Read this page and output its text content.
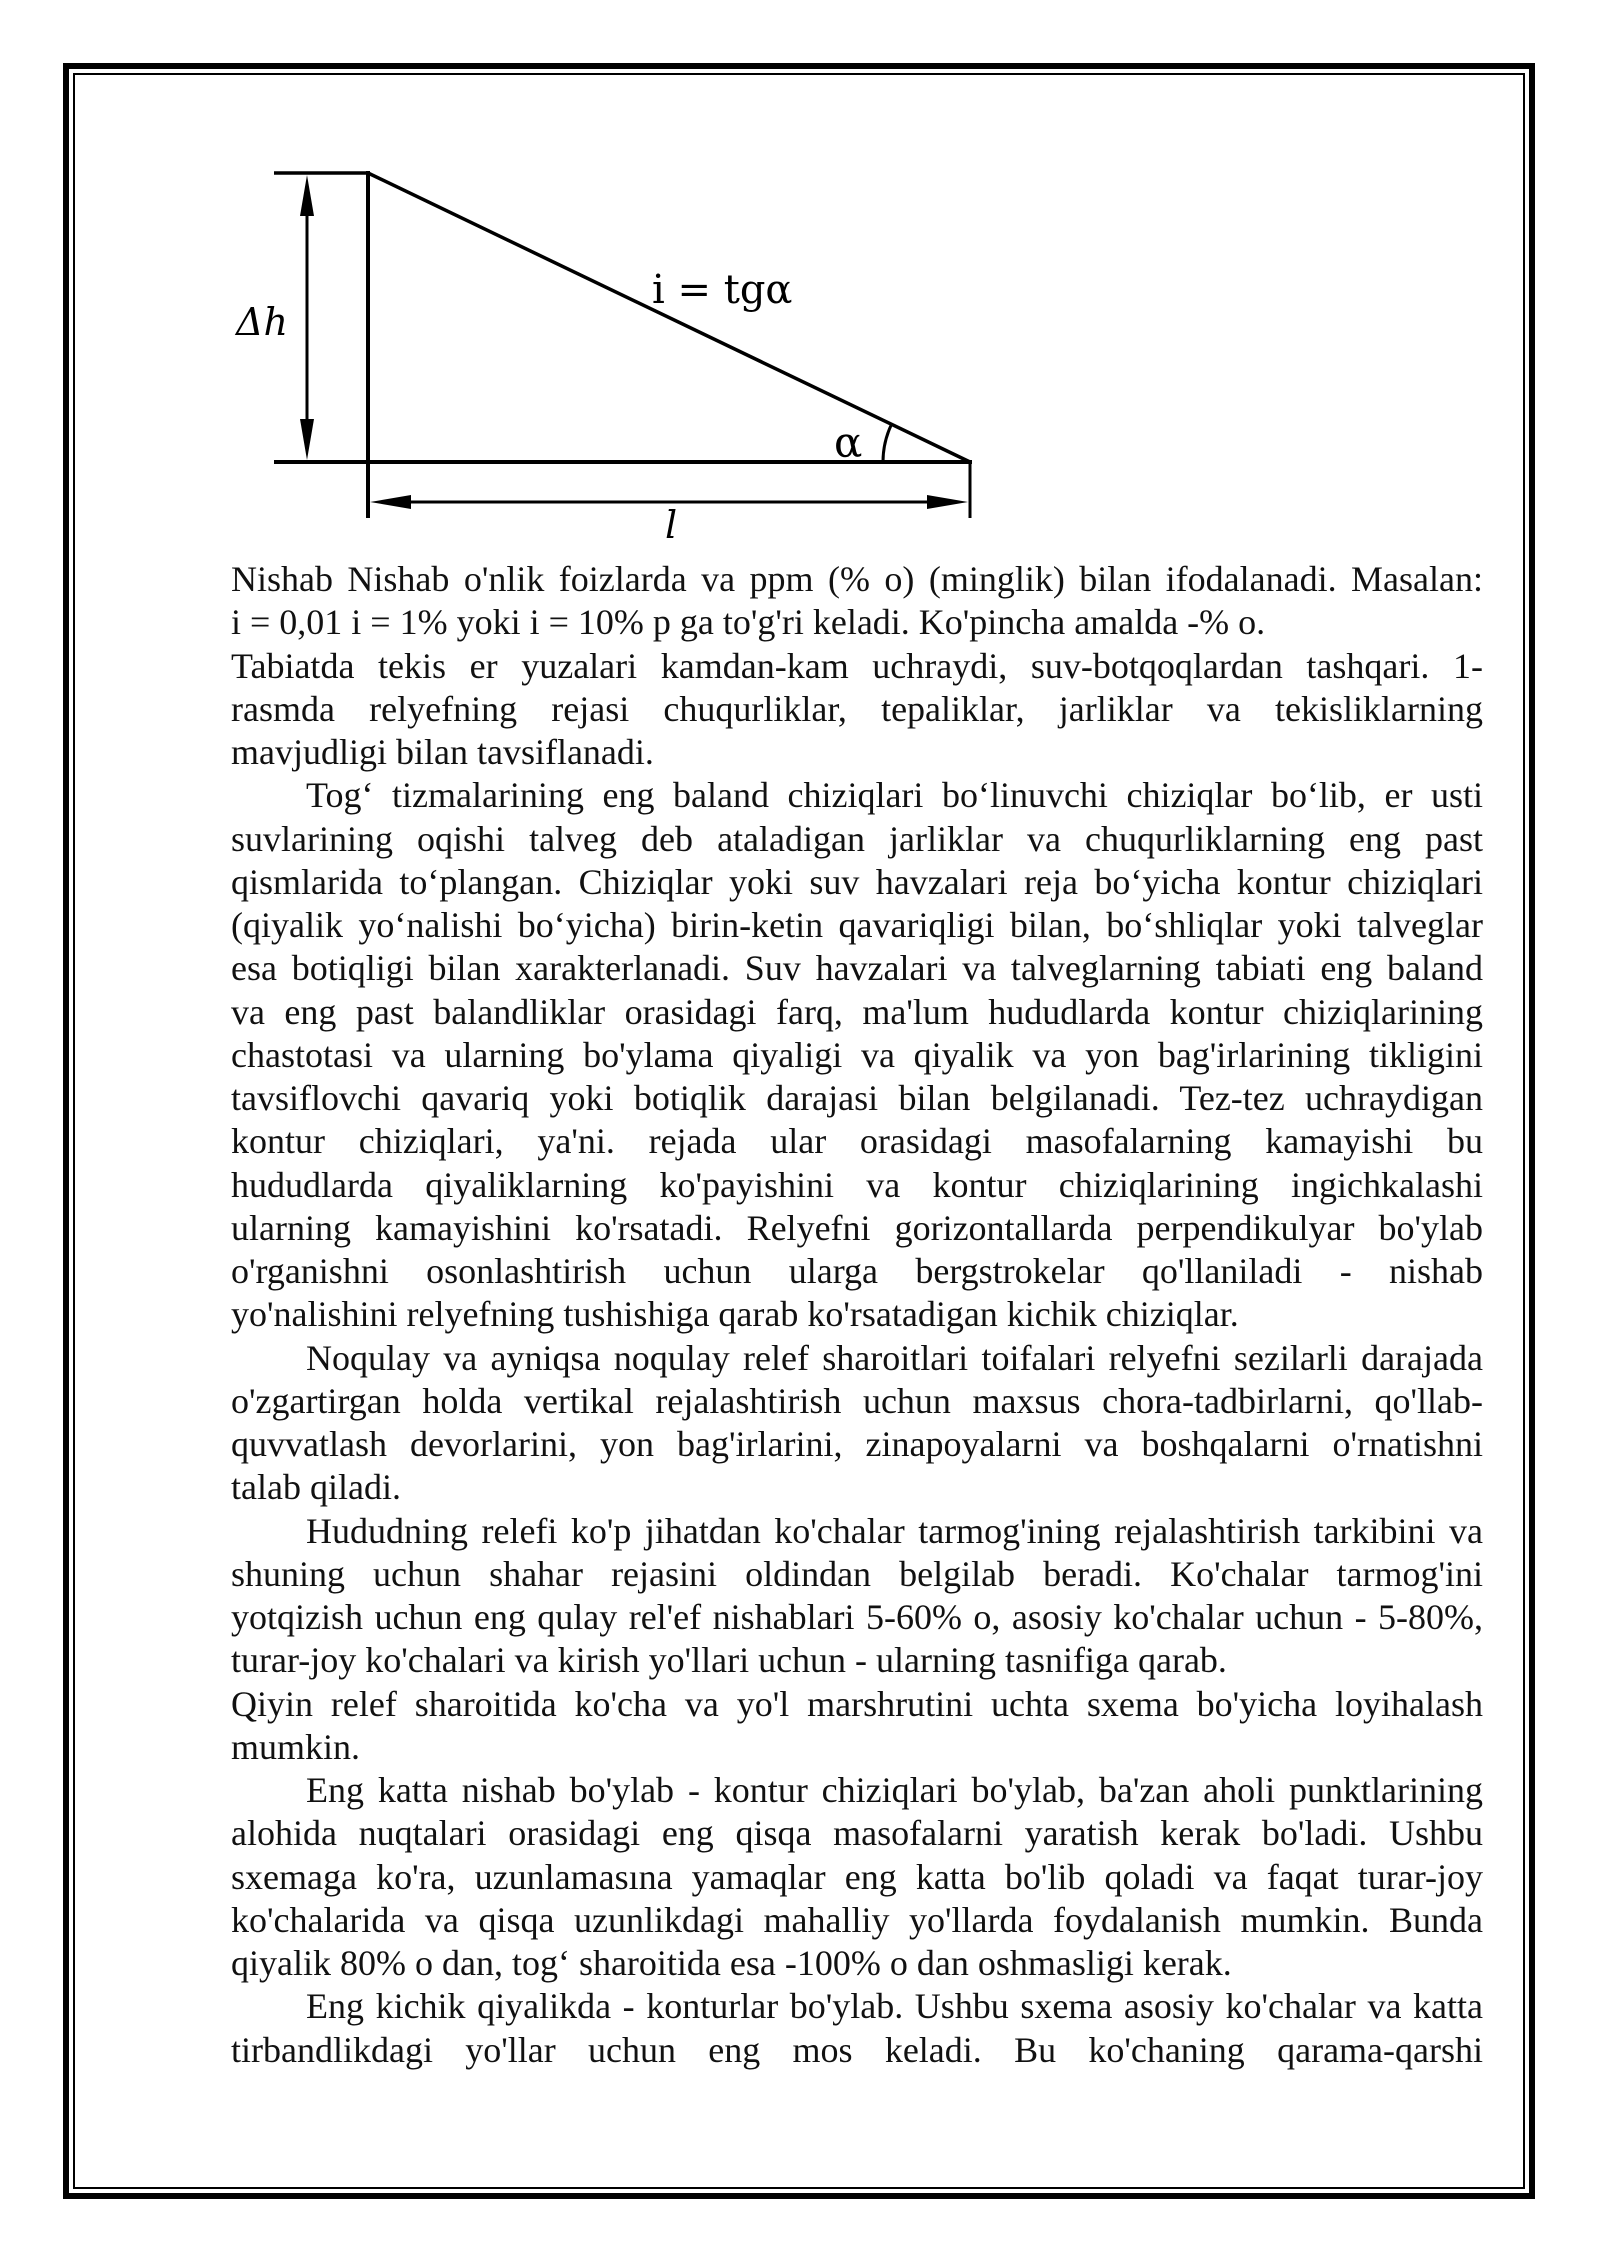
Δh
i = tgα
α
l
Nishab Nishab o'nlik foizlarda va ppm (% o) (minglik) bilan ifodalanadi. Masalan:
i = 0,01 i = 1% yoki i = 10% p ga to'g'ri keladi. Ko'pincha amalda -% o.
Tabiatda tekis er yuzalari kamdan-kam uchraydi, suv-botqoqlardan tashqari. 1-
rasmda relyefning rejasi chuqurliklar, tepaliklar, jarliklar va tekisliklarning
mavjudligi bilan tavsiflanadi.
Tog‘ tizmalarining eng baland chiziqlari bo‘linuvchi chiziqlar bo‘lib, er usti
suvlarining oqishi talveg deb ataladigan jarliklar va chuqurliklarning eng past
qismlarida to‘plangan. Chiziqlar yoki suv havzalari reja bo‘yicha kontur chiziqlari
(qiyalik yo‘nalishi bo‘yicha) birin-ketin qavariqligi bilan, bo‘shliqlar yoki talveglar
esa botiqligi bilan xarakterlanadi. Suv havzalari va talveglarning tabiati eng baland
va eng past balandliklar orasidagi farq, ma'lum hududlarda kontur chiziqlarining
chastotasi va ularning bo'ylama qiyaligi va qiyalik va yon bag'irlarining tikligini
tavsiflovchi qavariq yoki botiqlik darajasi bilan belgilanadi. Tez-tez uchraydigan
kontur chiziqlari, ya'ni. rejada ular orasidagi masofalarning kamayishi bu
hududlarda qiyaliklarning ko'payishini va kontur chiziqlarining ingichkalashi
ularning kamayishini ko'rsatadi. Relyefni gorizontallarda perpendikulyar bo'ylab
o'rganishni osonlashtirish uchun ularga bergstrokelar qo'llaniladi - nishab
yo'nalishini relyefning tushishiga qarab ko'rsatadigan kichik chiziqlar.
Noqulay va ayniqsa noqulay relef sharoitlari toifalari relyefni sezilarli darajada
o'zgartirgan holda vertikal rejalashtirish uchun maxsus chora-tadbirlarni, qo'llab-
quvvatlash devorlarini, yon bag'irlarini, zinapoyalarni va boshqalarni o'rnatishni
talab qiladi.
Hududning relefi ko'p jihatdan ko'chalar tarmog'ining rejalashtirish tarkibini va
shuning uchun shahar rejasini oldindan belgilab beradi. Ko'chalar tarmog'ini
yotqizish uchun eng qulay rel'ef nishablari 5-60% o, asosiy ko'chalar uchun - 5-80%,
turar-joy ko'chalari va kirish yo'llari uchun - ularning tasnifiga qarab.
Qiyin relef sharoitida ko'cha va yo'l marshrutini uchta sxema bo'yicha loyihalash
mumkin.
Eng katta nishab bo'ylab - kontur chiziqlari bo'ylab, ba'zan aholi punktlarining
alohida nuqtalari orasidagi eng qisqa masofalarni yaratish kerak bo'ladi. Ushbu
sxemaga ko'ra, uzunlamasına yamaqlar eng katta bo'lib qoladi va faqat turar-joy
ko'chalarida va qisqa uzunlikdagi mahalliy yo'llarda foydalanish mumkin. Bunda
qiyalik 80% o dan, tog‘ sharoitida esa -100% o dan oshmasligi kerak.
Eng kichik qiyalikda - konturlar bo'ylab. Ushbu sxema asosiy ko'chalar va katta
tirbandlikdagi yo'llar uchun eng mos keladi. Bu ko'chaning qarama-qarshi
